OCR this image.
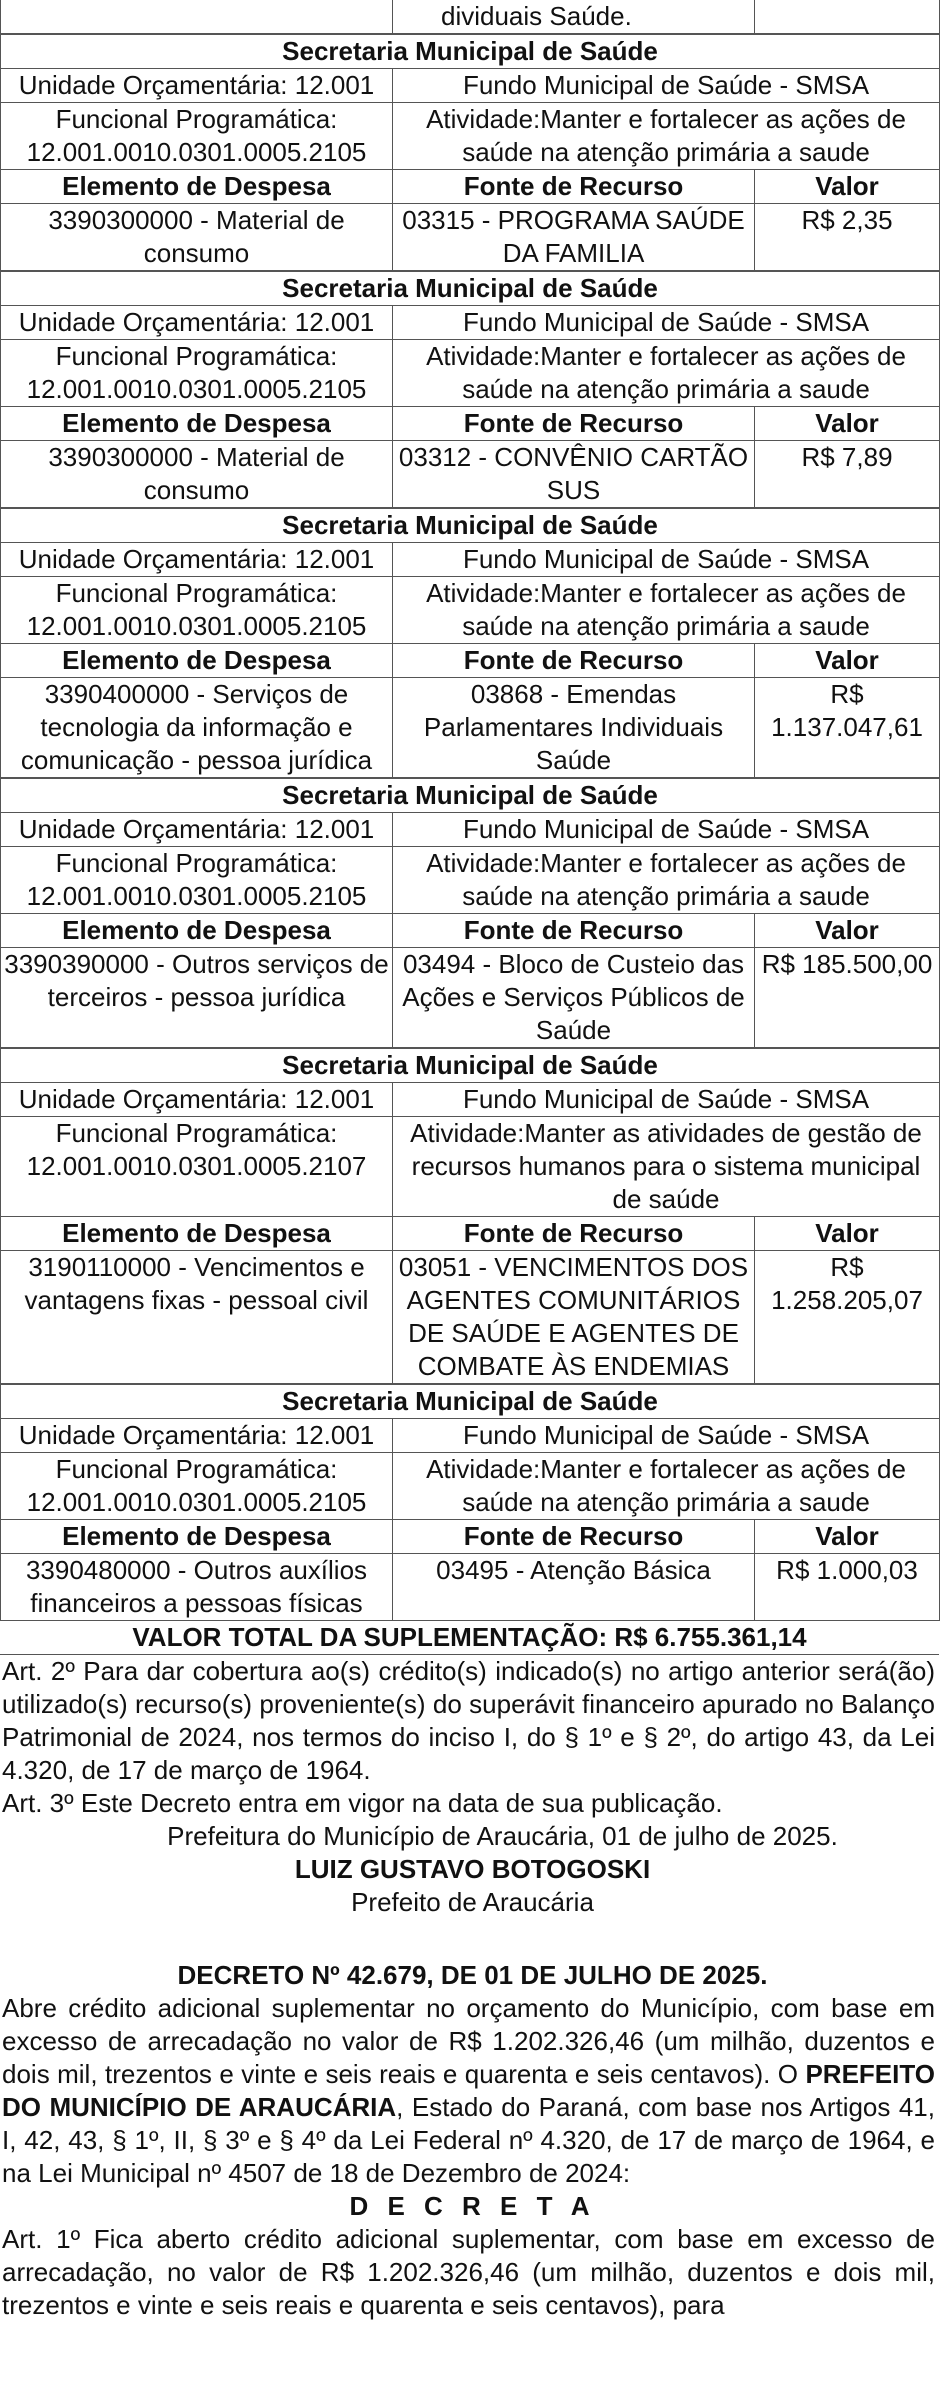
	dividuais Saúde.	
Secretaria Municipal de Saúde		
Unidade Orçamentária: 12.001	Fundo Municipal de Saúde - SMSA	
Funcional Programática: 12.001.0010.0301.0005.2105	Atividade:Manter e fortalecer as ações de saúde na atenção primária a saude	
Elemento de Despesa	Fonte de Recurso	Valor
3390300000 - Material de consumo	03315 - PROGRAMA SAÚDE DA FAMILIA	R$ 2,35
Secretaria Municipal de Saúde		
Unidade Orçamentária: 12.001	Fundo Municipal de Saúde - SMSA	
Funcional Programática: 12.001.0010.0301.0005.2105	Atividade:Manter e fortalecer as ações de saúde na atenção primária a saude	
Elemento de Despesa	Fonte de Recurso	Valor
3390300000 - Material de consumo	03312 - CONVÊNIO CARTÃO SUS	R$ 7,89
Secretaria Municipal de Saúde		
Unidade Orçamentária: 12.001	Fundo Municipal de Saúde - SMSA	
Funcional Programática: 12.001.0010.0301.0005.2105	Atividade:Manter e fortalecer as ações de saúde na atenção primária a saude	
Elemento de Despesa	Fonte de Recurso	Valor
3390400000 - Serviços de tecnologia da informação e comunicação - pessoa jurídica	03868 - Emendas Parlamentares Individuais Saúde	R$ 1.137.047,61
Secretaria Municipal de Saúde		
Unidade Orçamentária: 12.001	Fundo Municipal de Saúde - SMSA	
Funcional Programática: 12.001.0010.0301.0005.2105	Atividade:Manter e fortalecer as ações de saúde na atenção primária a saude	
Elemento de Despesa	Fonte de Recurso	Valor
3390390000 - Outros serviços de terceiros - pessoa jurídica	03494 - Bloco de Custeio das Ações e Serviços Públicos de Saúde	R$ 185.500,00
Secretaria Municipal de Saúde		
Unidade Orçamentária: 12.001	Fundo Municipal de Saúde - SMSA	
Funcional Programática: 12.001.0010.0301.0005.2107	Atividade:Manter as atividades de gestão de recursos humanos para o sistema municipal de saúde	
Elemento de Despesa	Fonte de Recurso	Valor
3190110000 - Vencimentos e vantagens fixas - pessoal civil	03051 - VENCIMENTOS DOS AGENTES COMUNITÁRIOS DE SAÚDE E AGENTES DE COMBATE ÀS ENDEMIAS	R$ 1.258.205,07
Secretaria Municipal de Saúde		
Unidade Orçamentária: 12.001	Fundo Municipal de Saúde - SMSA	
Funcional Programática: 12.001.0010.0301.0005.2105	Atividade:Manter e fortalecer as ações de saúde na atenção primária a saude	
Elemento de Despesa	Fonte de Recurso	Valor
3390480000 - Outros auxílios financeiros a pessoas físicas	03495 - Atenção Básica	R$ 1.000,03
VALOR TOTAL DA SUPLEMENTAÇÃO: R$ 6.755.361,14
Art. 2º Para dar cobertura ao(s) crédito(s) indicado(s) no artigo anterior será(ão) utilizado(s) recurso(s) proveniente(s) do superávit financeiro apurado no Balanço Patrimonial de 2024, nos termos do inciso I, do § 1º e § 2º, do artigo 43, da Lei 4.320, de 17 de março de 1964.
Art. 3º Este Decreto entra em vigor na data de sua publicação.
Prefeitura do Município de Araucária, 01 de julho de 2025.
LUIZ GUSTAVO BOTOGOSKI
Prefeito de Araucária
DECRETO Nº 42.679, DE 01 DE JULHO DE 2025.
Abre crédito adicional suplementar no orçamento do Município, com base em excesso de arrecadação no valor de R$ 1.202.326,46 (um milhão, duzentos e dois mil, trezentos e vinte e seis reais e quarenta e seis centavos). O PREFEITO DO MUNICÍPIO DE ARAUCÁRIA, Estado do Paraná, com base nos Artigos 41, I, 42, 43, § 1º, II, § 3º e § 4º da Lei Federal nº 4.320, de 17 de março de 1964, e na Lei Municipal nº 4507 de 18 de Dezembro de 2024:
D E C R E T A
Art. 1º Fica aberto crédito adicional suplementar, com base em excesso de arrecadação, no valor de R$ 1.202.326,46 (um milhão, duzentos e dois mil, trezentos e vinte e seis reais e quarenta e seis centavos), para
